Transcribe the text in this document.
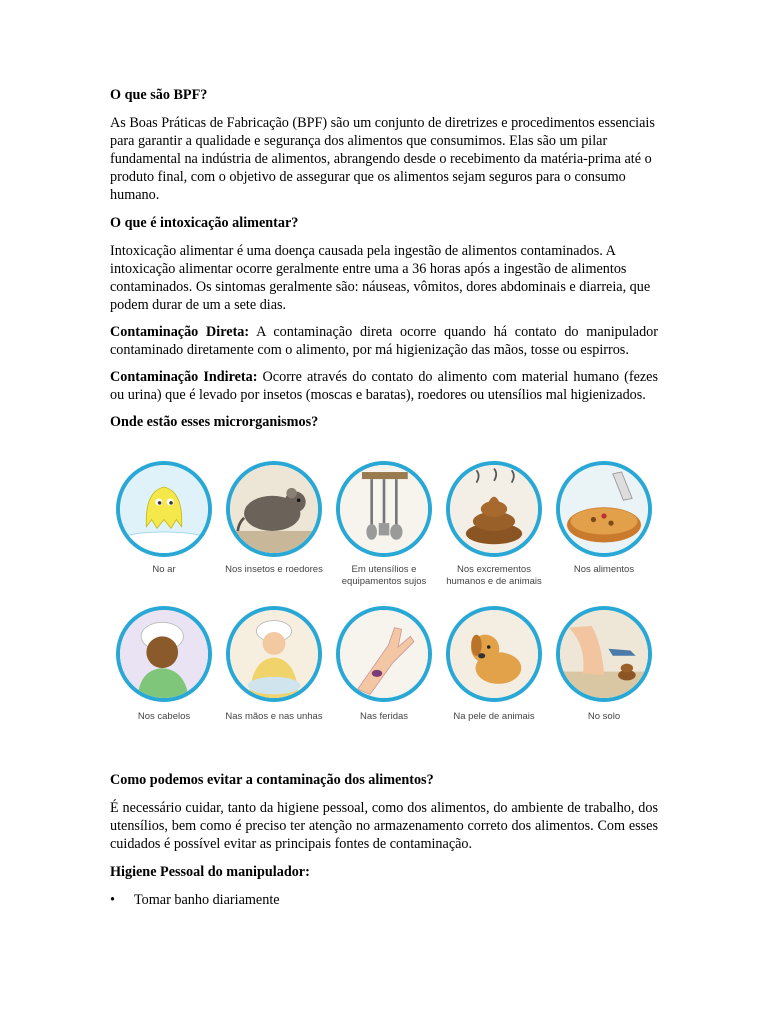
O que são BPF?

As Boas Práticas de Fabricação (BPF) são um conjunto de diretrizes e procedimentos essenciais para garantir a qualidade e segurança dos alimentos que consumimos. Elas são um pilar fundamental na indústria de alimentos, abrangendo desde o recebimento da matéria-prima até o produto final, com o objetivo de assegurar que os alimentos sejam seguros para o consumo humano.

O que é intoxicação alimentar?

Intoxicação alimentar é uma doença causada pela ingestão de alimentos contaminados. A intoxicação alimentar ocorre geralmente entre uma a 36 horas após a ingestão de alimentos contaminados. Os sintomas geralmente são: náuseas, vômitos, dores abdominais e diarreia, que podem durar de um a sete dias.

Contaminação Direta: A contaminação direta ocorre quando há contato do manipulador contaminado diretamente com o alimento, por má higienização das mãos, tosse ou espirros.

Contaminação Indireta: Ocorre através do contato do alimento com material humano (fezes ou urina) que é levado por insetos (moscas e baratas), roedores ou utensílios mal higienizados.

Onde estão esses microrganismos?

No ar	Nos insetos e roedores	Em utensílios e equipamentos sujos
Nos excrementos humanos e de animais
Nos alimentos
Nos cabelos	Nas mãos e nas unhas	Nas feridas	Na pele de animais	No solo

Como podemos evitar a contaminação dos alimentos?

É necessário cuidar, tanto da higiene pessoal, como dos alimentos, do ambiente de trabalho, dos utensílios, bem como é preciso ter atenção no armazenamento correto dos alimentos. Com esses cuidados é possível evitar as principais fontes de contaminação.

Higiene Pessoal do manipulador:

• Tomar banho diariamente
